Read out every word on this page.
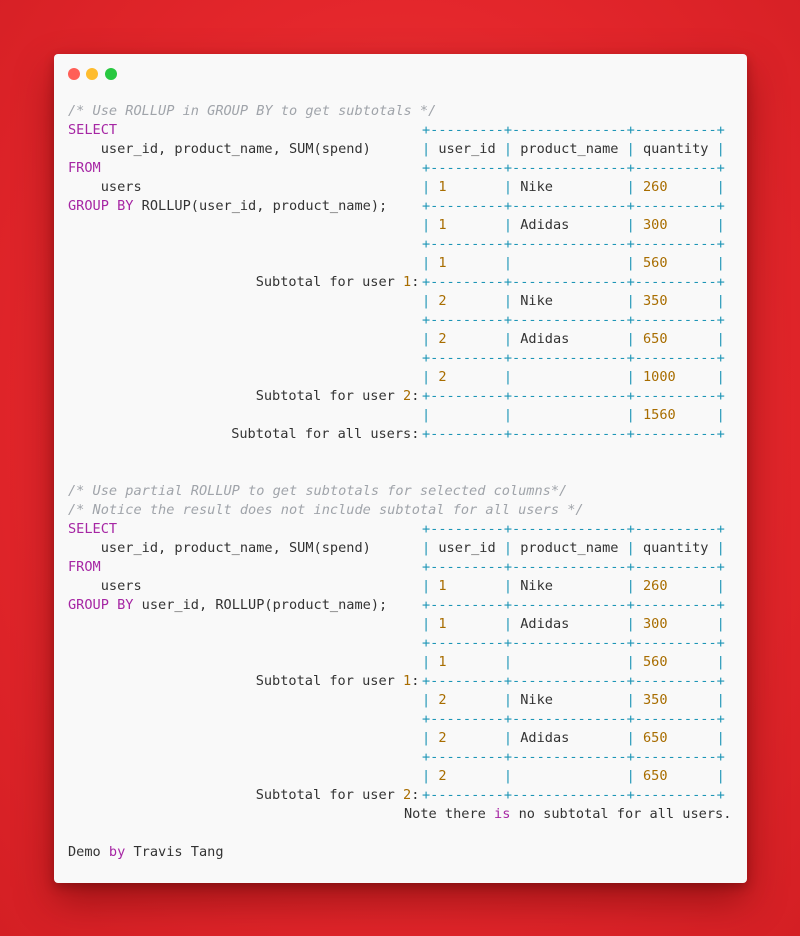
/* Use ROLLUP in GROUP BY to get subtotals */
SELECT
user_id, product_name, SUM(spend)
FROM
users
GROUP BY ROLLUP(user_id, product_name);
Subtotal for user 1:
Subtotal for user 2:
Subtotal for all users:
+---------+--------------+----------+
| user_id | product_name | quantity |
+---------+--------------+----------+
| 1       | Nike         | 260      |
+---------+--------------+----------+
| 1       | Adidas       | 300      |
+---------+--------------+----------+
| 1       |	| 560      |
+---------+--------------+----------+
| 2       | Nike         | 350      |
+---------+--------------+----------+
| 2       | Adidas       | 650      |
+---------+--------------+----------+
| 2       |	| 1000     |
+---------+--------------+----------+
|	|	| 1560     |
+---------+--------------+----------+
/* Use partial ROLLUP to get subtotals for selected columns*/
/* Notice the result does not include subtotal for all users */
SELECT
user_id, product_name, SUM(spend)
FROM
users
GROUP BY user_id, ROLLUP(product_name);
Subtotal for user 1:
Subtotal for user 2:
+---------+--------------+----------+
| user_id | product_name | quantity |
+---------+--------------+----------+
| 1       | Nike         | 260      |
+---------+--------------+----------+
| 1       | Adidas       | 300      |
+---------+--------------+----------+
| 1       |	| 560      |
+---------+--------------+----------+
| 2       | Nike         | 350      |
+---------+--------------+----------+
| 2       | Adidas       | 650      |
+---------+--------------+----------+
| 2       |	| 650      |
+---------+--------------+----------+
Note there is no subtotal for all users.
Demo by Travis Tang
